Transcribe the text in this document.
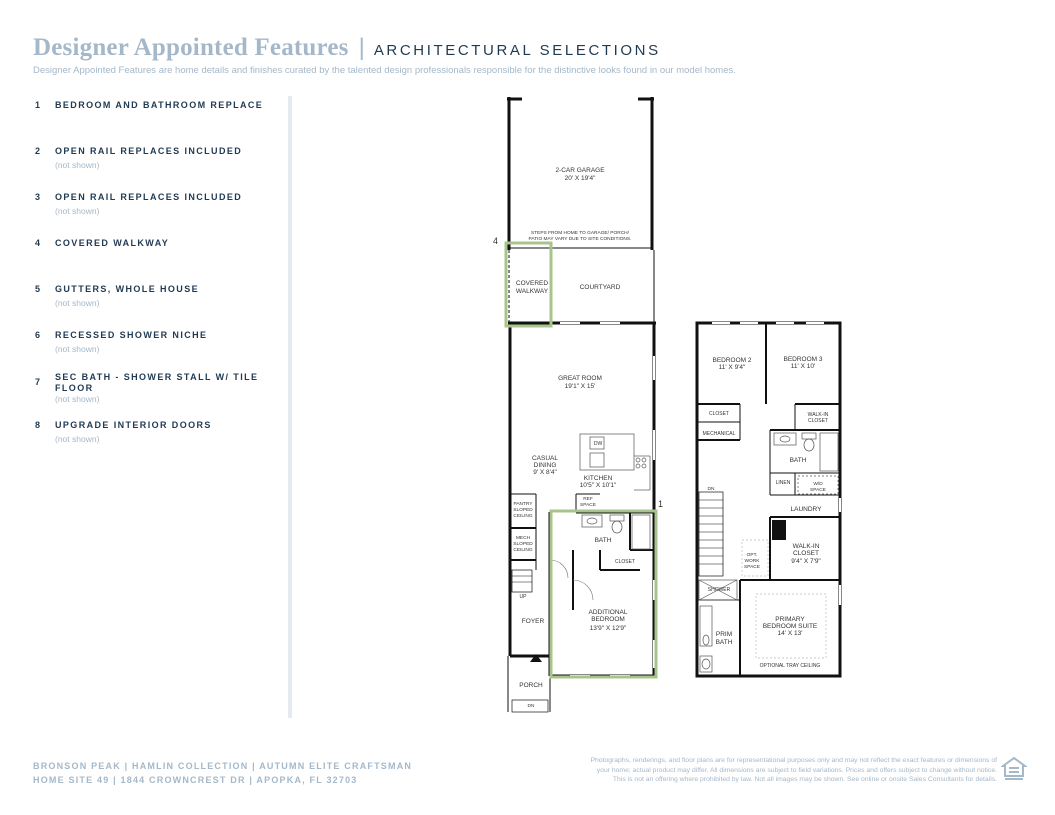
Designer Appointed Features | ARCHITECTURAL SELECTIONS
Designer Appointed Features are home details and finishes curated by the talented design professionals responsible for the distinctive looks found in our model homes.
1	BEDROOM AND BATHROOM REPLACE
2	OPEN RAIL REPLACES INCLUDED
(not shown)
3	OPEN RAIL REPLACES INCLUDED
(not shown)
4	COVERED WALKWAY
5	GUTTERS, WHOLE HOUSE
(not shown)
6	RECESSED SHOWER NICHE
(not shown)
7	SEC BATH - SHOWER STALL W/ TILE FLOOR
(not shown)
8	UPGRADE INTERIOR DOORS
(not shown)
4
1
2-CAR GARAGE
20' X 19'4"
STEPS FROM HOME TO GARAGE/ PORCH/
PATIO MAY VARY DUE TO SITE CONDITIONS.
COVERED
WALKWAY
COURTYARD
GREAT ROOM
19'1" X 15'
DW
CASUAL
DINING
9' X 8'4"
KITCHEN
10'5" X 10'1"
REF
SPACE
PANTRY
SLOPED
CEILING
MECH
SLOPED
CEILING
BATH
CLOSET
UP
FOYER
ADDITIONAL
BEDROOM
13'9" X 12'9"
PORCH
DN
BEDROOM 2
11' X 9'4"
BEDROOM 3
11' X 10'
CLOSET	WALK-IN
CLOSET
MECHANICAL
BATH
LINEN	W/D
SPACE
LAUNDRY
DN
OPT.
WORK
SPACE
WALK-IN
CLOSET
9'4" X 7'9"
SHOWER
PRIM
BATH
PRIMARY
BEDROOM SUITE
14' X 13'
OPTIONAL TRAY CEILING
BRONSON PEAK | HAMLIN COLLECTION | AUTUMN ELITE CRAFTSMAN
HOME SITE 49 | 1844 CROWNCREST DR | APOPKA, FL 32703
Photographs, renderings, and floor plans are for representational purposes only and may not reflect the exact features or dimensions of
your home; actual product may differ. All dimensions are subject to field variations. Prices and offers subject to change without notice.
This is not an offering where prohibited by law. Not all images may be shown. See online or onsite Sales Consultants for details.
